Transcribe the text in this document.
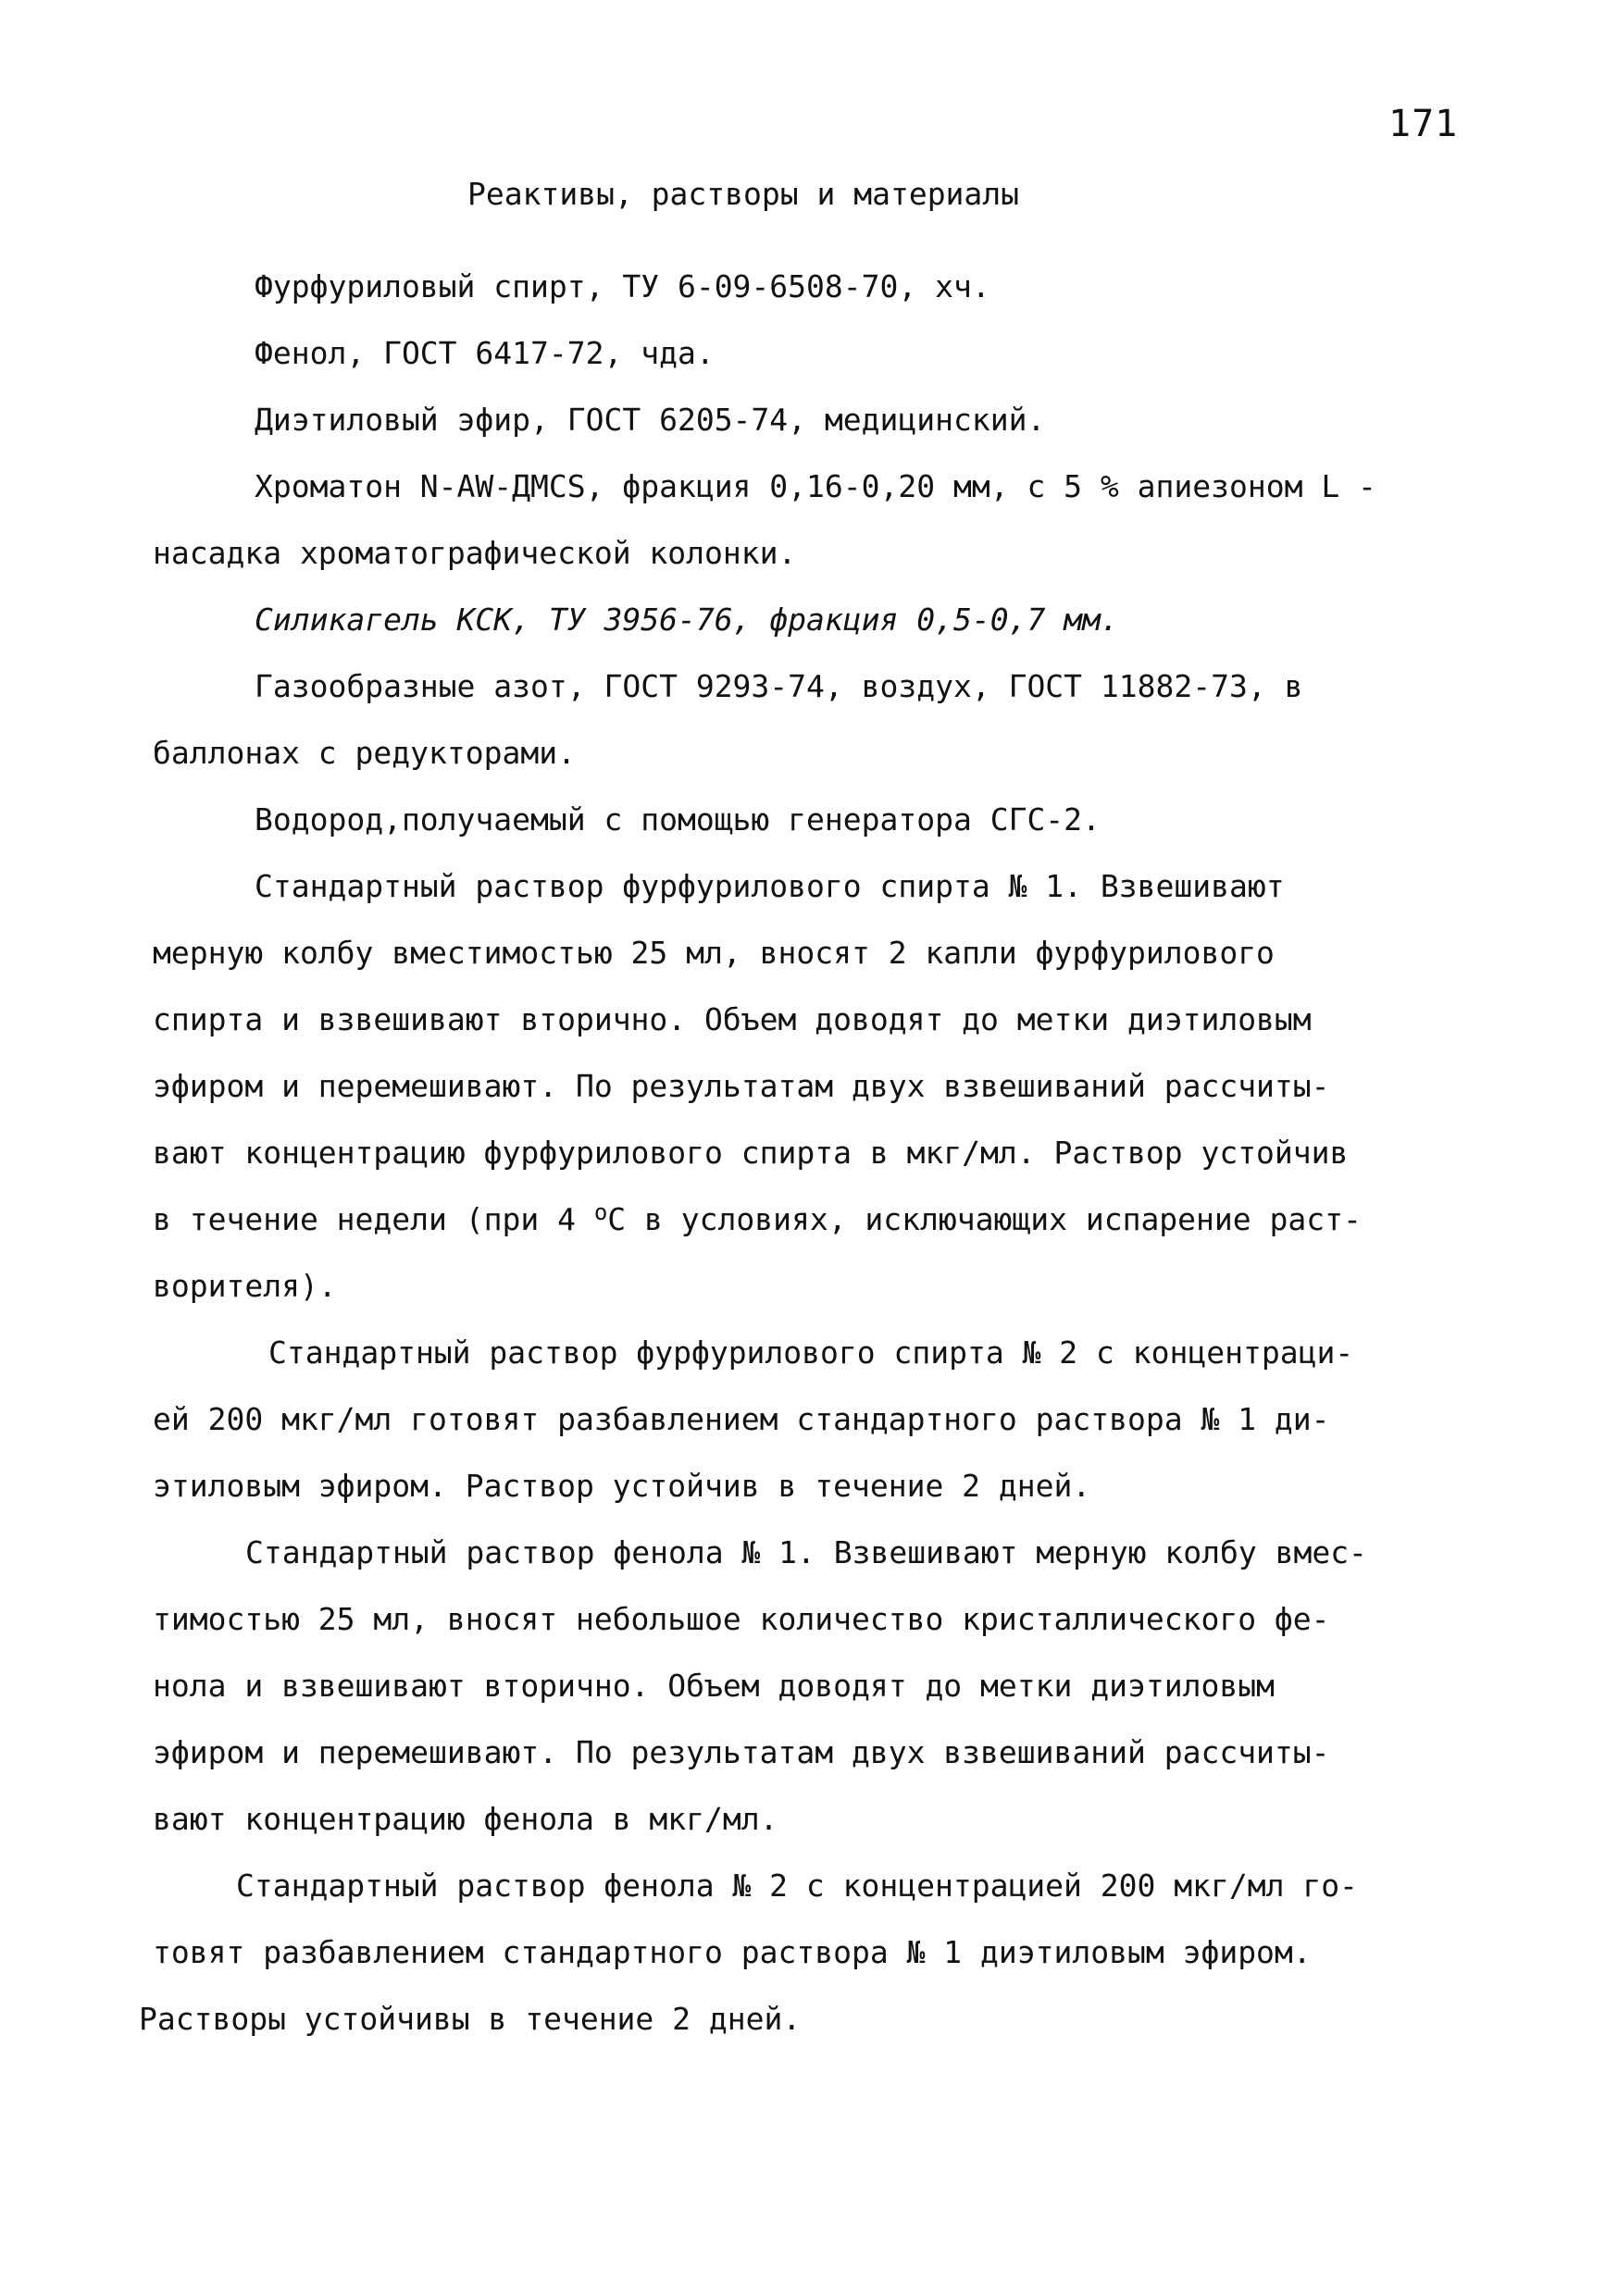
171
Реактивы, растворы и материалы
Фурфуриловый спирт, ТУ 6-09-6508-70, хч.
Фенол, ГОСТ 6417-72, чда.
Диэтиловый эфир, ГОСТ 6205-74, медицинский.
Хроматон N-AW-ДМCS, фракция 0,16-0,20 мм, с 5 % апиезоном L -
насадка хроматографической колонки.
Силикагель КСК, ТУ 3956-76, фракция 0,5-0,7 мм.
Газообразные азот, ГОСТ 9293-74, воздух, ГОСТ 11882-73, в
баллонах с редукторами.
Водород,получаемый с помощью генератора СГС-2.
Стандартный раствор фурфурилового спирта № 1. Взвешивают
мерную колбу вместимостью 25 мл, вносят 2 капли фурфурилового
спирта и взвешивают вторично. Объем доводят до метки диэтиловым
эфиром и перемешивают. По результатам двух взвешиваний рассчиты-
вают концентрацию фурфурилового спирта в мкг/мл. Раствор устойчив
в течение недели (при 4 $^о$С в условиях, исключающих испарение раст-
ворителя).
Стандартный раствор фурфурилового спирта № 2 с концентраци-
ей 200 мкг/мл готовят разбавлением стандартного раствора № 1 ди-
этиловым эфиром. Раствор устойчив в течение 2 дней.
Стандартный раствор фенола № 1. Взвешивают мерную колбу вмес-
тимостью 25 мл, вносят небольшое количество кристаллического фе-
нола и взвешивают вторично. Объем доводят до метки диэтиловым
эфиром и перемешивают. По результатам двух взвешиваний рассчиты-
вают концентрацию фенола в мкг/мл.
Стандартный раствор фенола № 2 с концентрацией 200 мкг/мл го-
товят разбавлением стандартного раствора № 1 диэтиловым эфиром.
Растворы устойчивы в течение 2 дней.
